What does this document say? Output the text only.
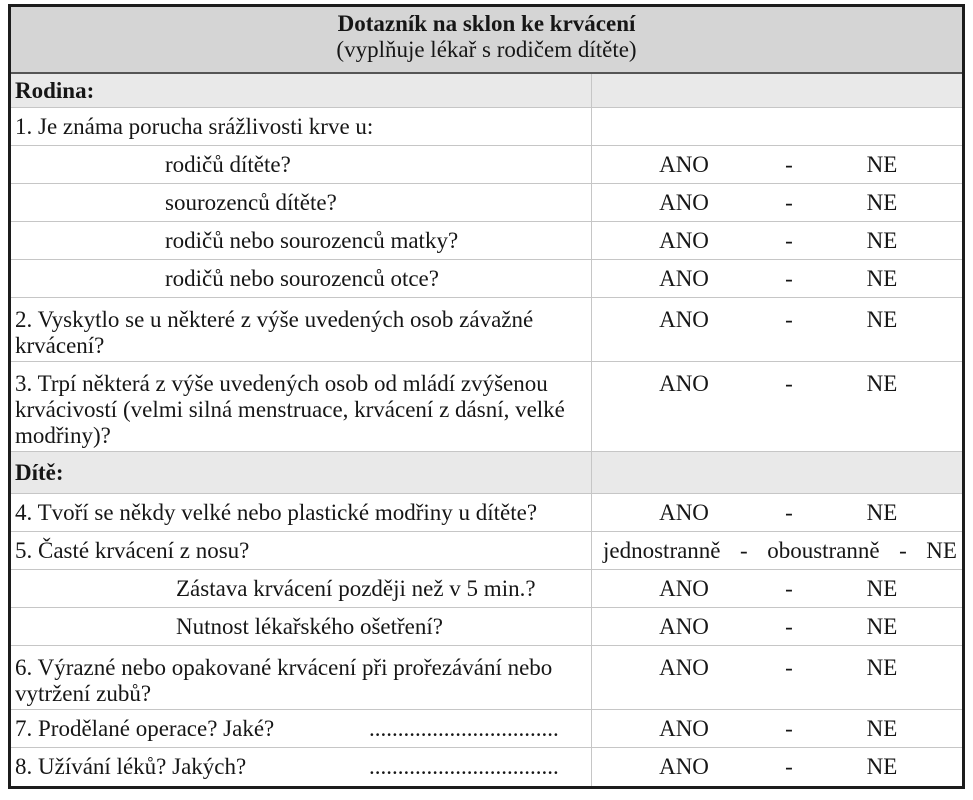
Dotazník na sklon ke krvácení
(vyplňuje lékař s rodičem dítěte)
Rodina:
1. Je známa porucha srážlivosti krve u:
rodičů dítěte?	ANO	-	NE
sourozenců dítěte?	ANO	-	NE
rodičů nebo sourozenců matky?	ANO	-	NE
rodičů nebo sourozenců otce?	ANO	-	NE
2. Vyskytlo se u některé z výše uvedených osob závažné
krvácení?
ANO	-	NE
3. Trpí některá z výše uvedených osob od mládí zvýšenou
krvácivostí (velmi silná menstruace, krvácení z dásní, velké
modřiny)?
ANO	-	NE
Dítě:
4. Tvoří se někdy velké nebo plastické modřiny u dítěte?	ANO	-	NE
5. Časté krvácení z nosu?	jednostranně - oboustranně - NE
Zástava krvácení později než v 5 min.?	ANO	-	NE
Nutnost lékařského ošetření?	ANO	-	NE
6. Výrazné nebo opakované krvácení při prořezávání nebo
vytržení zubů?
ANO	-	NE
7. Prodělané operace? Jaké?	.................................	ANO	-	NE
8. Užívání léků? Jakých?	.................................	ANO	-	NE
